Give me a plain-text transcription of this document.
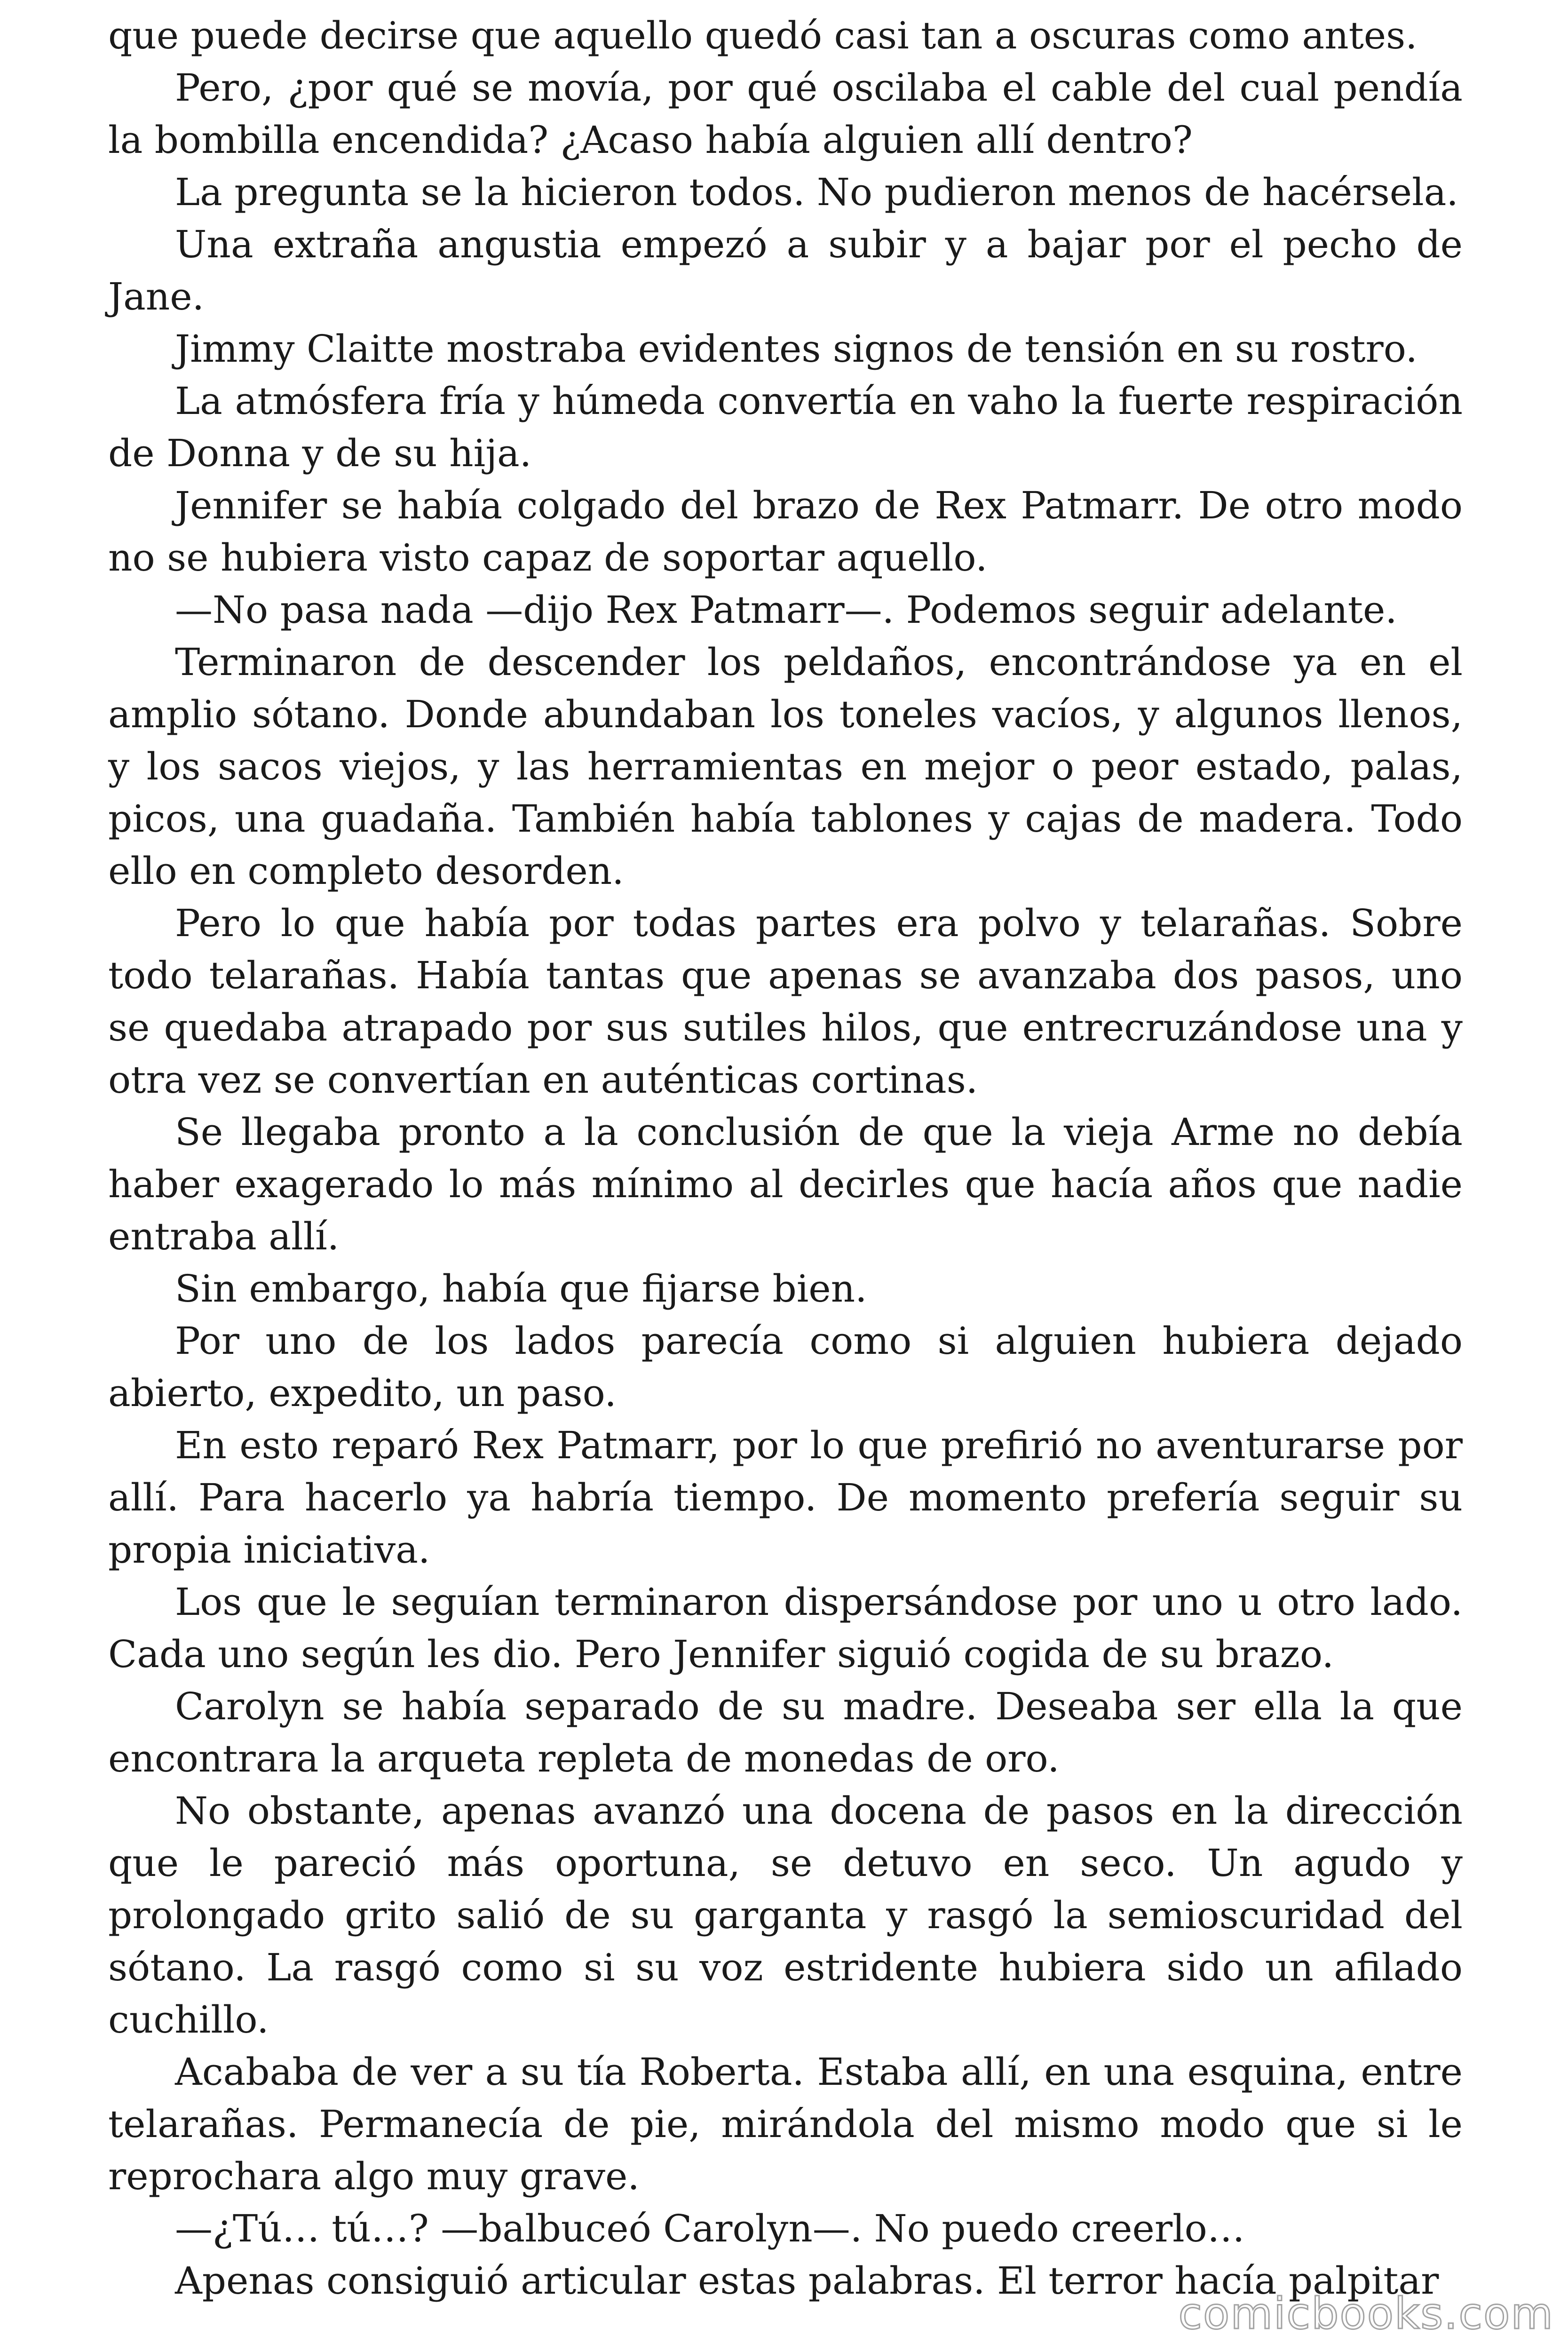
que puede decirse que aquello quedó casi tan a oscuras como antes.

Pero, ¿por qué se movía, por qué oscilaba el cable del cual pendía la bombilla encendida? ¿Acaso había alguien allí dentro?

La pregunta se la hicieron todos. No pudieron menos de hacérsela.

Una extraña angustia empezó a subir y a bajar por el pecho de Jane.

Jimmy Claitte mostraba evidentes signos de tensión en su rostro.

La atmósfera fría y húmeda convertía en vaho la fuerte respiración de Donna y de su hija.

Jennifer se había colgado del brazo de Rex Patmarr. De otro modo no se hubiera visto capaz de soportar aquello.

—No pasa nada —dijo Rex Patmarr—. Podemos seguir adelante.

Terminaron de descender los peldaños, encontrándose ya en el amplio sótano. Donde abundaban los toneles vacíos, y algunos llenos, y los sacos viejos, y las herramientas en mejor o peor estado, palas, picos, una guadaña. También había tablones y cajas de madera. Todo ello en completo desorden.

Pero lo que había por todas partes era polvo y telarañas. Sobre todo telarañas. Había tantas que apenas se avanzaba dos pasos, uno se quedaba atrapado por sus sutiles hilos, que entrecruzándose una y otra vez se convertían en auténticas cortinas.

Se llegaba pronto a la conclusión de que la vieja Arme no debía haber exagerado lo más mínimo al decirles que hacía años que nadie entraba allí.

Sin embargo, había que fijarse bien.

Por uno de los lados parecía como si alguien hubiera dejado abierto, expedito, un paso.

En esto reparó Rex Patmarr, por lo que prefirió no aventurarse por allí. Para hacerlo ya habría tiempo. De momento prefería seguir su propia iniciativa.

Los que le seguían terminaron dispersándose por uno u otro lado. Cada uno según les dio. Pero Jennifer siguió cogida de su brazo.

Carolyn se había separado de su madre. Deseaba ser ella la que encontrara la arqueta repleta de monedas de oro.

No obstante, apenas avanzó una docena de pasos en la dirección que le pareció más oportuna, se detuvo en seco. Un agudo y prolongado grito salió de su garganta y rasgó la semioscuridad del sótano. La rasgó como si su voz estridente hubiera sido un afilado cuchillo.

Acababa de ver a su tía Roberta. Estaba allí, en una esquina, entre telarañas. Permanecía de pie, mirándola del mismo modo que si le reprochara algo muy grave.

—¿Tú… tú…? —balbuceó Carolyn—. No puedo creerlo…

Apenas consiguió articular estas palabras. El terror hacía palpitar

comicbooks.com
